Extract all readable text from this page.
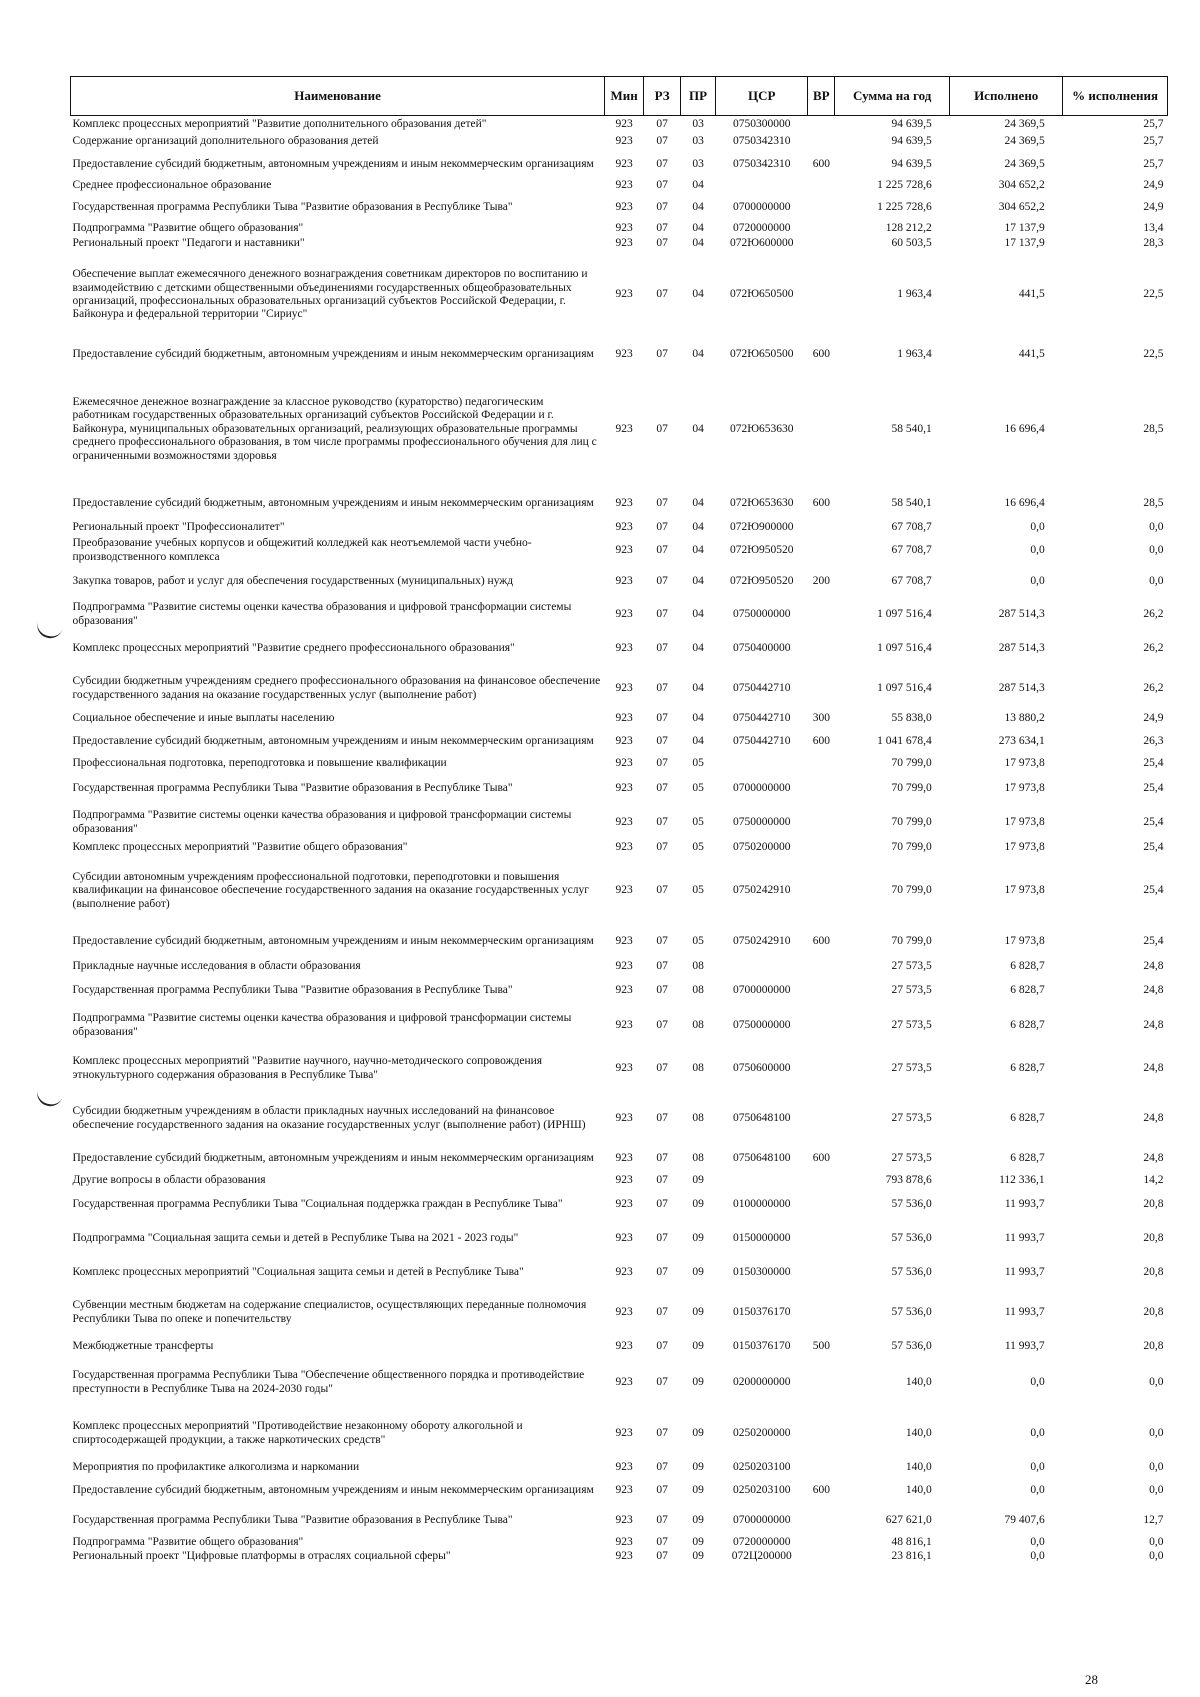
Наименование	Мин	РЗ	ПР	ЦСР	ВР	Сумма на год	Исполнено	% исполнения
Комплекс процессных мероприятий "Развитие дополнительного образования детей"	923	07	03	0750300000		94 639,5	24 369,5	25,7
Содержание организаций дополнительного образования детей	923	07	03	0750342310		94 639,5	24 369,5	25,7
Предоставление субсидий бюджетным, автономным учреждениям и иным некоммерческим организациям	923	07	03	0750342310	600	94 639,5	24 369,5	25,7
Среднее профессиональное образование	923	07	04			1 225 728,6	304 652,2	24,9
Государственная программа Республики Тыва "Развитие образования в Республике Тыва"	923	07	04	0700000000		1 225 728,6	304 652,2	24,9
Подпрограмма "Развитие общего образования"	923	07	04	0720000000		128 212,2	17 137,9	13,4
Региональный проект "Педагоги и наставники"	923	07	04	072Ю600000		60 503,5	17 137,9	28,3
Обеспечение выплат ежемесячного денежного вознаграждения советникам директоров по воспитанию и взаимодействию с детскими общественными объединениями государственных общеобразовательных организаций, профессиональных образовательных организаций субъектов Российской Федерации, г. Байконура и федеральной территории "Сириус"	923	07	04	072Ю650500		1 963,4	441,5	22,5
Предоставление субсидий бюджетным, автономным учреждениям и иным некоммерческим организациям	923	07	04	072Ю650500	600	1 963,4	441,5	22,5
Ежемесячное денежное вознаграждение за классное руководство (кураторство) педагогическим работникам государственных образовательных организаций субъектов Российской Федерации и г. Байконура, муниципальных образовательных организаций, реализующих образовательные программы среднего профессионального образования, в том числе программы профессионального обучения для лиц с ограниченными возможностями здоровья	923	07	04	072Ю653630		58 540,1	16 696,4	28,5
Предоставление субсидий бюджетным, автономным учреждениям и иным некоммерческим организациям	923	07	04	072Ю653630	600	58 540,1	16 696,4	28,5
Региональный проект "Профессионалитет"	923	07	04	072Ю900000		67 708,7	0,0	0,0
Преобразование учебных корпусов и общежитий колледжей как неотъемлемой части учебно-производственного комплекса	923	07	04	072Ю950520		67 708,7	0,0	0,0
Закупка товаров, работ и услуг для обеспечения государственных (муниципальных) нужд	923	07	04	072Ю950520	200	67 708,7	0,0	0,0
Подпрограмма "Развитие системы оценки качества образования и цифровой трансформации системы образования"	923	07	04	0750000000		1 097 516,4	287 514,3	26,2
Комплекс процессных мероприятий "Развитие среднего профессионального образования"	923	07	04	0750400000		1 097 516,4	287 514,3	26,2
Субсидии бюджетным учреждениям среднего профессионального образования на финансовое обеспечение государственного задания на оказание государственных услуг (выполнение работ)	923	07	04	0750442710		1 097 516,4	287 514,3	26,2
Социальное обеспечение и иные выплаты населению	923	07	04	0750442710	300	55 838,0	13 880,2	24,9
Предоставление субсидий бюджетным, автономным учреждениям и иным некоммерческим организациям	923	07	04	0750442710	600	1 041 678,4	273 634,1	26,3
Профессиональная подготовка, переподготовка и повышение квалификации	923	07	05			70 799,0	17 973,8	25,4
Государственная программа Республики Тыва "Развитие образования в Республике Тыва"	923	07	05	0700000000		70 799,0	17 973,8	25,4
Подпрограмма "Развитие системы оценки качества образования и цифровой трансформации системы образования"	923	07	05	0750000000		70 799,0	17 973,8	25,4
Комплекс процессных мероприятий "Развитие общего образования"	923	07	05	0750200000		70 799,0	17 973,8	25,4
Субсидии автономным учреждениям профессиональной подготовки, переподготовки и повышения квалификации на финансовое обеспечение государственного задания на оказание государственных услуг (выполнение работ)	923	07	05	0750242910		70 799,0	17 973,8	25,4
Предоставление субсидий бюджетным, автономным учреждениям и иным некоммерческим организациям	923	07	05	0750242910	600	70 799,0	17 973,8	25,4
Прикладные научные исследования в области образования	923	07	08			27 573,5	6 828,7	24,8
Государственная программа Республики Тыва "Развитие образования в Республике Тыва"	923	07	08	0700000000		27 573,5	6 828,7	24,8
Подпрограмма "Развитие системы оценки качества образования и цифровой трансформации системы образования"	923	07	08	0750000000		27 573,5	6 828,7	24,8
Комплекс процессных мероприятий "Развитие научного, научно-методического сопровождения этнокультурного содержания образования в Республике Тыва"	923	07	08	0750600000		27 573,5	6 828,7	24,8
Субсидии бюджетным учреждениям в области прикладных научных исследований на финансовое обеспечение государственного задания на оказание государственных услуг (выполнение работ) (ИРНШ)	923	07	08	0750648100		27 573,5	6 828,7	24,8
Предоставление субсидий бюджетным, автономным учреждениям и иным некоммерческим организациям	923	07	08	0750648100	600	27 573,5	6 828,7	24,8
Другие вопросы в области образования	923	07	09			793 878,6	112 336,1	14,2
Государственная программа Республики Тыва "Социальная поддержка граждан в Республике Тыва"	923	07	09	0100000000		57 536,0	11 993,7	20,8
Подпрограмма "Социальная защита семьи и детей в Республике Тыва на 2021 - 2023 годы"	923	07	09	0150000000		57 536,0	11 993,7	20,8
Комплекс процессных мероприятий "Социальная защита семьи и детей в Республике Тыва"	923	07	09	0150300000		57 536,0	11 993,7	20,8
Субвенции местным бюджетам на содержание специалистов, осуществляющих переданные полномочия Республики Тыва по опеке и попечительству	923	07	09	0150376170		57 536,0	11 993,7	20,8
Межбюджетные трансферты	923	07	09	0150376170	500	57 536,0	11 993,7	20,8
Государственная программа Республики Тыва "Обеспечение общественного порядка и противодействие преступности в Республике Тыва на 2024-2030 годы"	923	07	09	0200000000		140,0	0,0	0,0
Комплекс процессных мероприятий "Противодействие незаконному обороту алкогольной и спиртосодержащей продукции, а также наркотических средств"	923	07	09	0250200000		140,0	0,0	0,0
Мероприятия по профилактике алкоголизма и наркомании	923	07	09	0250203100		140,0	0,0	0,0
Предоставление субсидий бюджетным, автономным учреждениям и иным некоммерческим организациям	923	07	09	0250203100	600	140,0	0,0	0,0
Государственная программа Республики Тыва "Развитие образования в Республике Тыва"	923	07	09	0700000000		627 621,0	79 407,6	12,7
Подпрограмма "Развитие общего образования"	923	07	09	0720000000		48 816,1	0,0	0,0
Региональный проект "Цифровые платформы в отраслях социальной сферы"	923	07	09	072Ц200000		23 816,1	0,0	0,0
28
